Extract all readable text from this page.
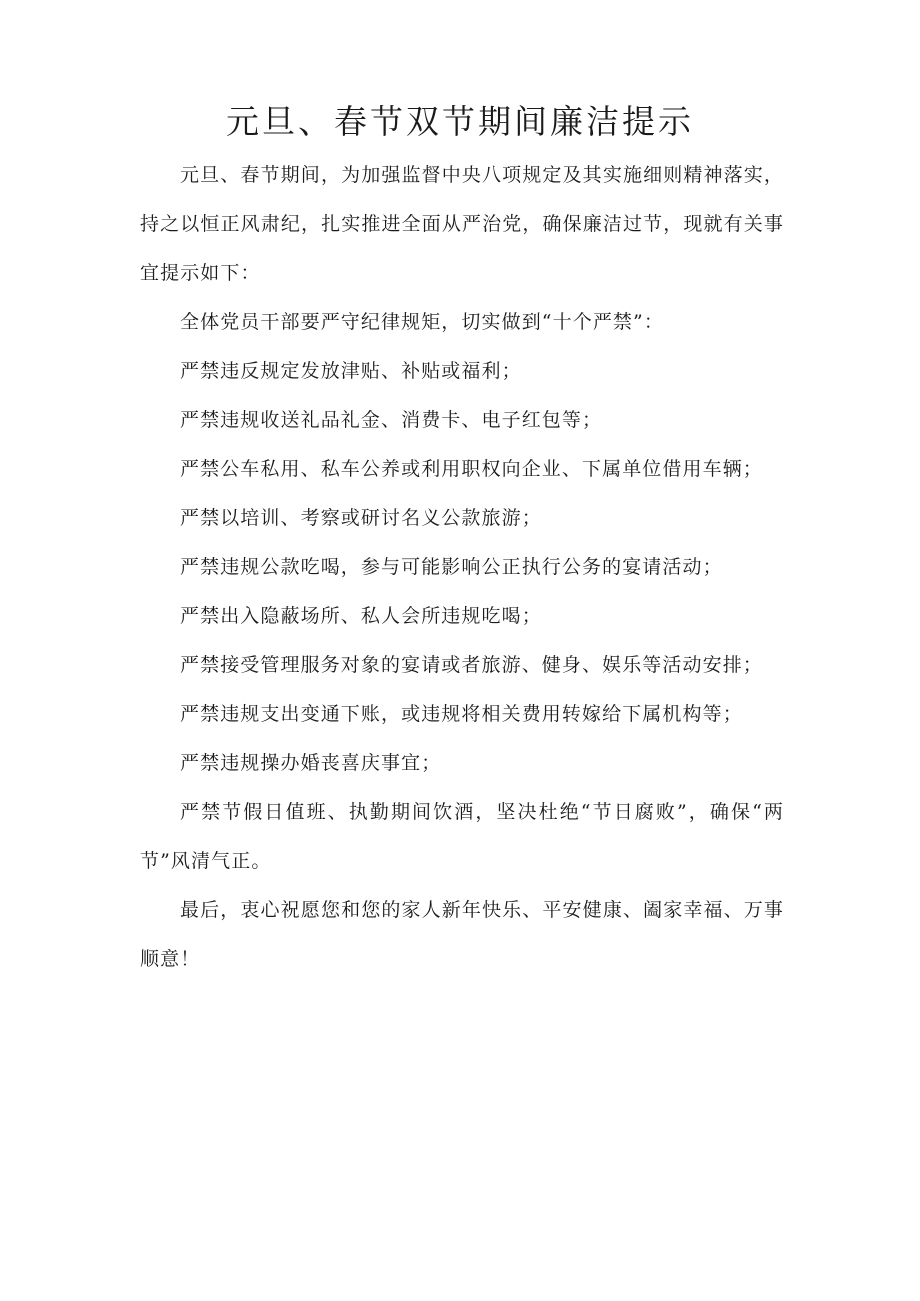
元旦、春节双节期间廉洁提示

元旦、春节期间，为加强监督中央八项规定及其实施细则精神落实，持之以恒正风肃纪，扎实推进全面从严治党，确保廉洁过节，现就有关事宜提示如下：

全体党员干部要严守纪律规矩，切实做到“十个严禁”：

严禁违反规定发放津贴、补贴或福利；

严禁违规收送礼品礼金、消费卡、电子红包等；

严禁公车私用、私车公养或利用职权向企业、下属单位借用车辆；

严禁以培训、考察或研讨名义公款旅游；

严禁违规公款吃喝，参与可能影响公正执行公务的宴请活动；

严禁出入隐蔽场所、私人会所违规吃喝；

严禁接受管理服务对象的宴请或者旅游、健身、娱乐等活动安排；

严禁违规支出变通下账，或违规将相关费用转嫁给下属机构等；

严禁违规操办婚丧喜庆事宜；

严禁节假日值班、执勤期间饮酒，坚决杜绝“节日腐败”，确保“两节”风清气正。

最后，衷心祝愿您和您的家人新年快乐、平安健康、阖家幸福、万事顺意！
